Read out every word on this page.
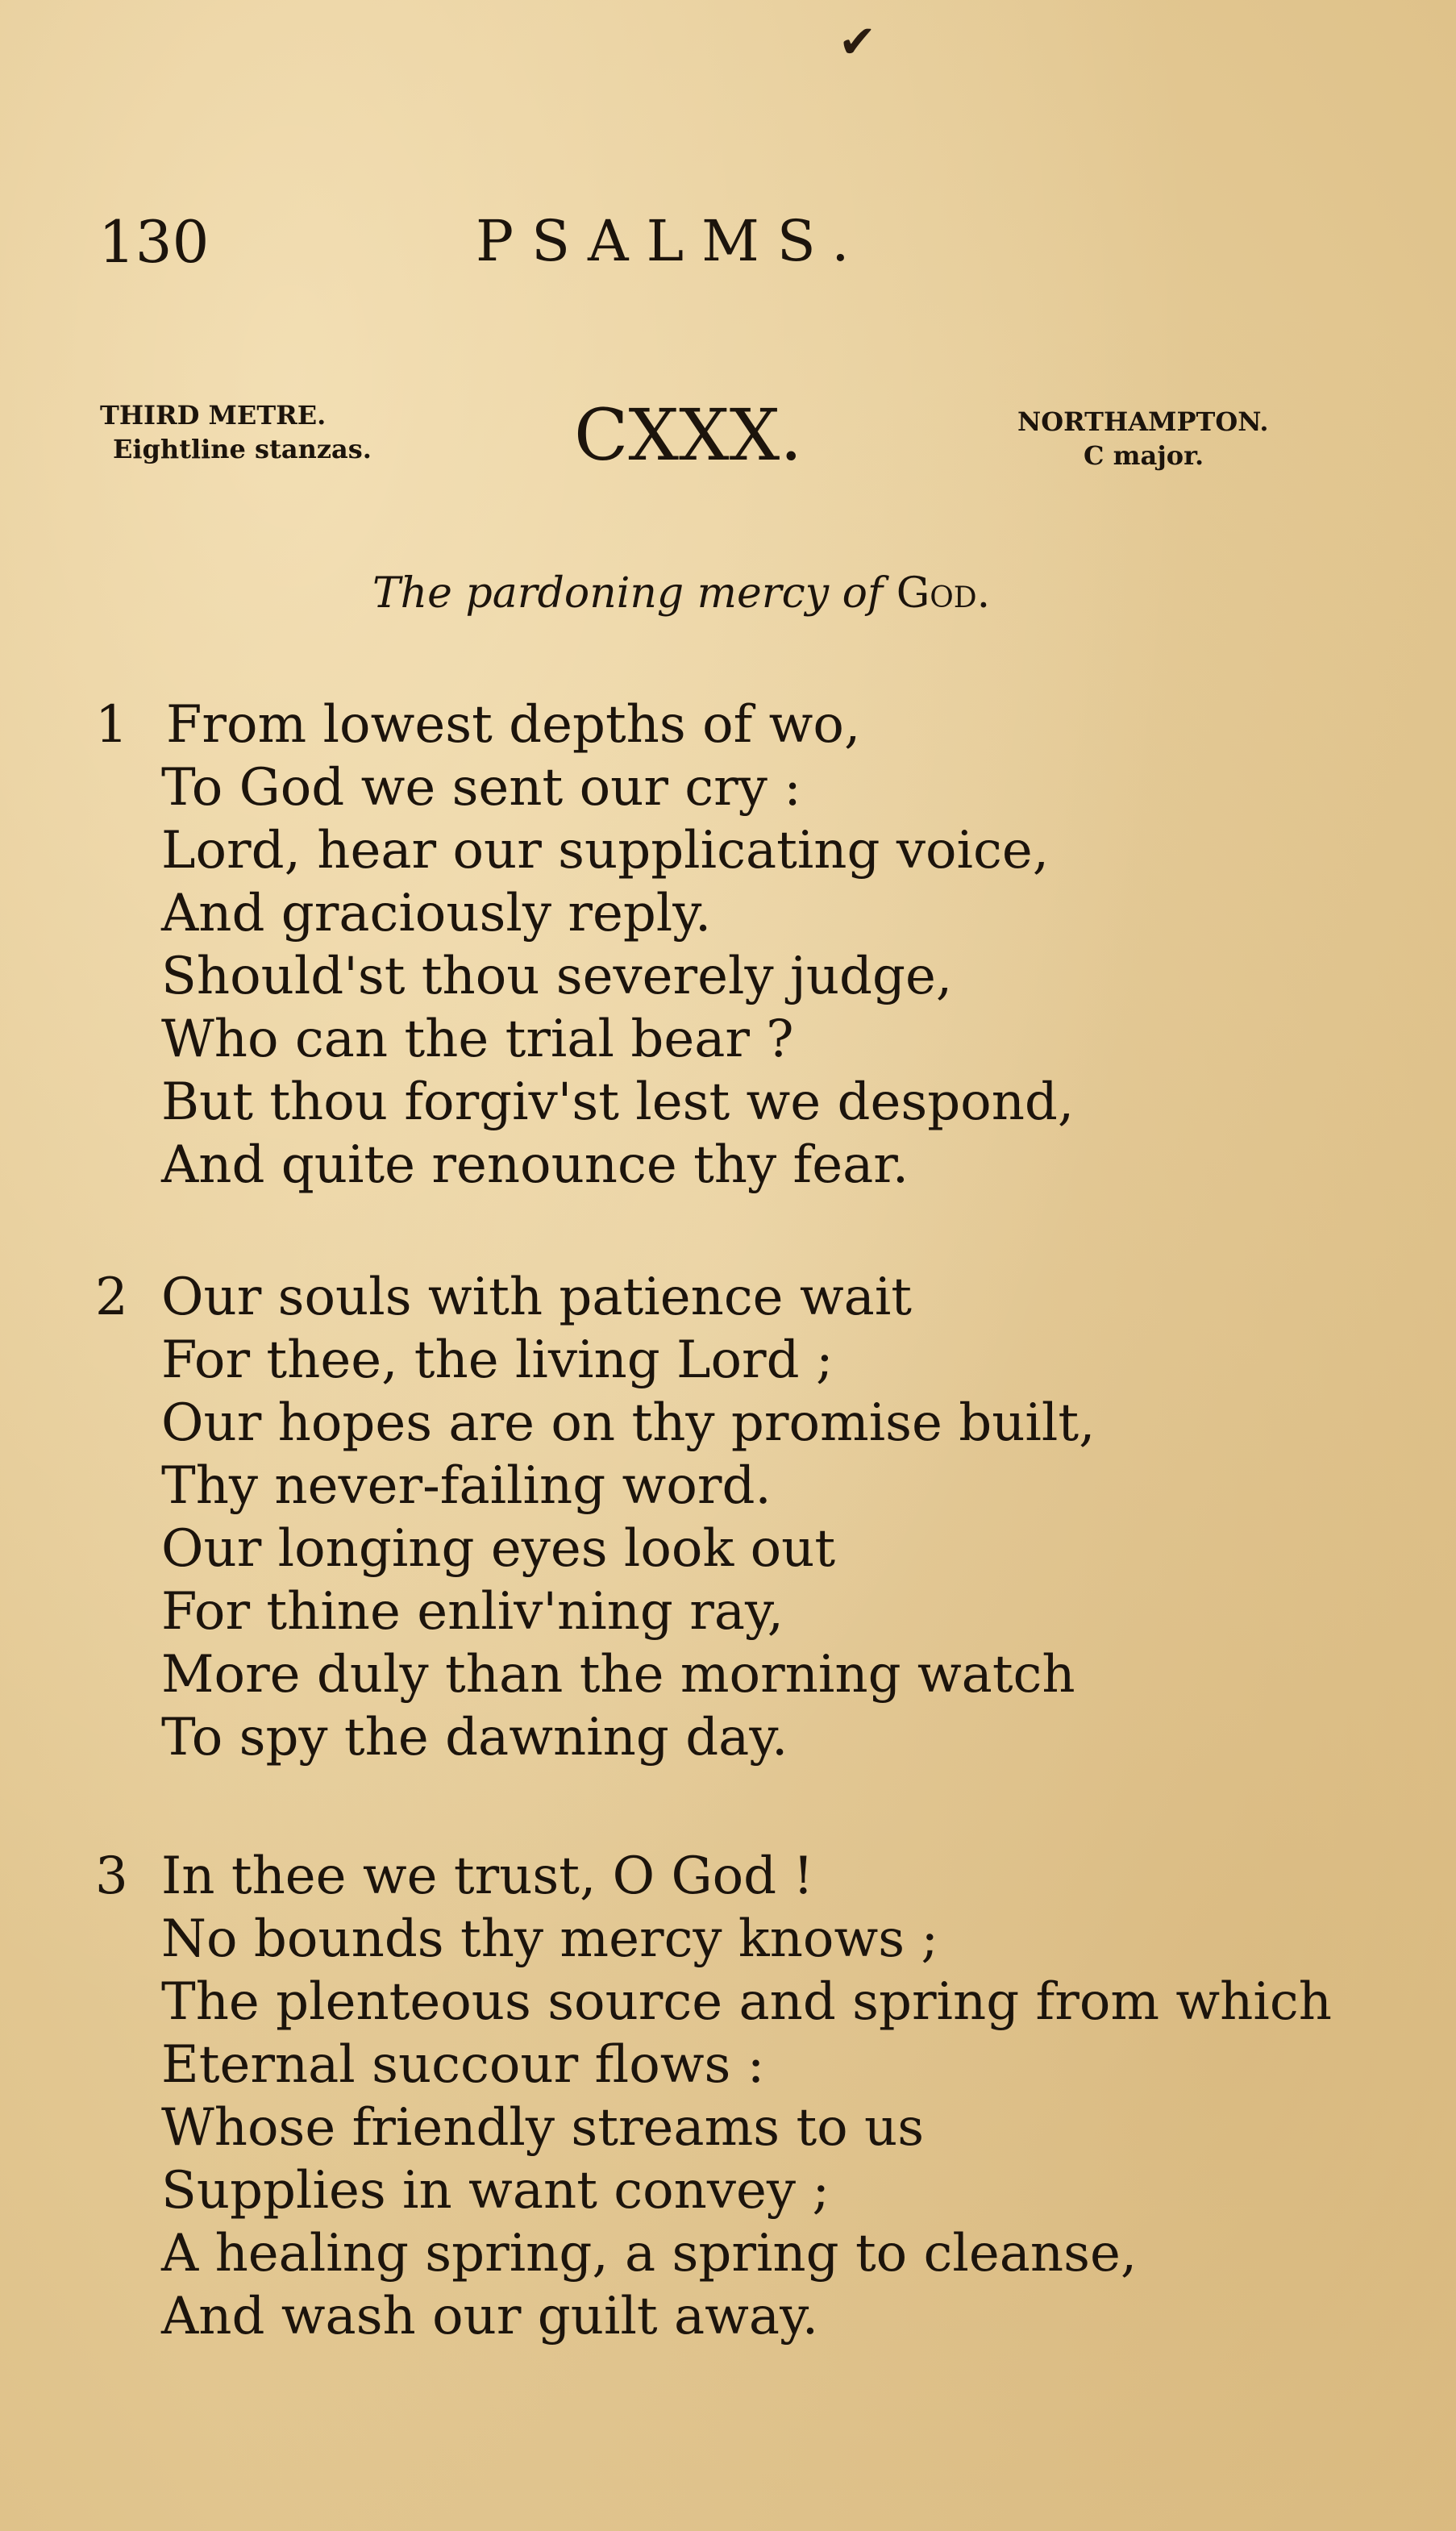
✔
130	PSALMS.
THIRD METRE.
Eightline stanzas.	CXXX.	NORTHAMPTON.
C major.
The pardoning mercy of God.
1 From lowest depths of wo,
To God we sent our cry :
Lord, hear our supplicating voice,
And graciously reply.
Should'st thou severely judge,
Who can the trial bear ?
But thou forgiv'st lest we despond,
And quite renounce thy fear.
2 Our souls with patience wait
For thee, the living Lord ;
Our hopes are on thy promise built,
Thy never-failing word.
Our longing eyes look out
For thine enliv'ning ray,
More duly than the morning watch
To spy the dawning day.
3 In thee we trust, O God !
No bounds thy mercy knows ;
The plenteous source and spring from which
Eternal succour flows :
Whose friendly streams to us
Supplies in want convey ;
A healing spring, a spring to cleanse,
And wash our guilt away.
